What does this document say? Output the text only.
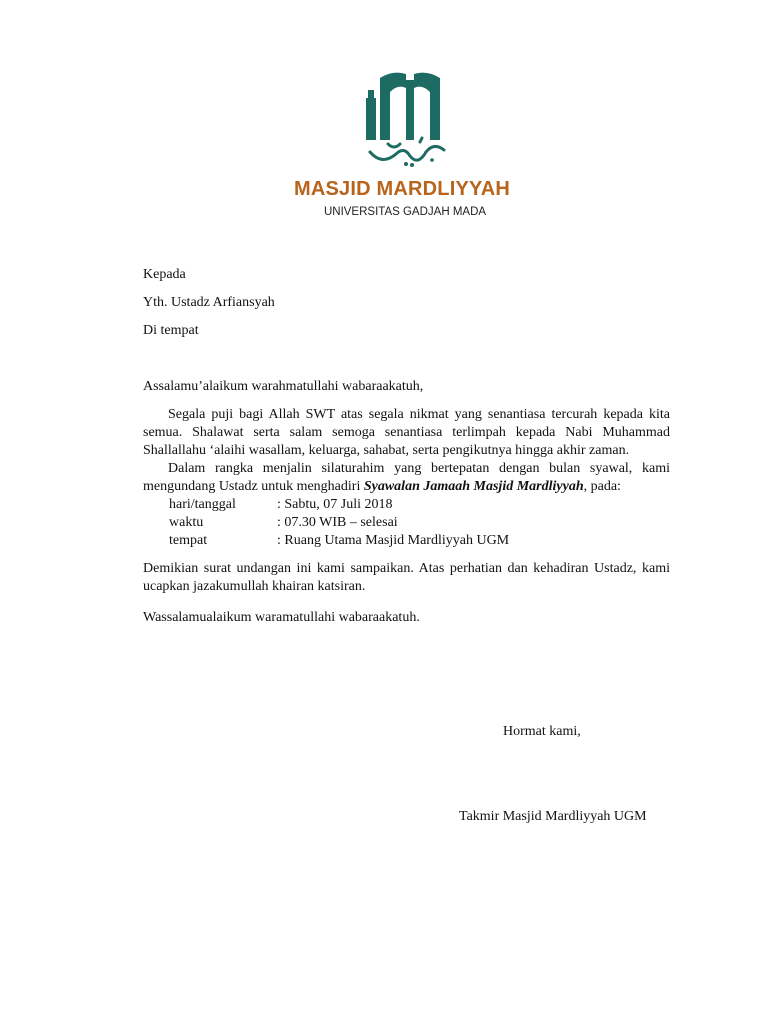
MASJID MARDLIYYAH
UNIVERSITAS GADJAH MADA
Kepada
Yth. Ustadz Arfiansyah
Di tempat
Assalamu’alaikum warahmatullahi wabaraakatuh,
Segala puji bagi Allah SWT atas segala nikmat yang senantiasa tercurah kepada kita semua. Shalawat serta salam semoga senantiasa terlimpah kepada Nabi Muhammad Shallallahu ‘alaihi wasallam, keluarga, sahabat, serta pengikutnya hingga akhir zaman.
Dalam rangka menjalin silaturahim yang bertepatan dengan bulan syawal, kami mengundang Ustadz untuk menghadiri Syawalan Jamaah Masjid Mardliyyah, pada:
hari/tanggal	: Sabtu, 07 Juli 2018
waktu	: 07.30 WIB – selesai
tempat	: Ruang Utama Masjid Mardliyyah UGM
Demikian surat undangan ini kami sampaikan. Atas perhatian dan kehadiran Ustadz, kami ucapkan jazakumullah khairan katsiran.
Wassalamualaikum waramatullahi wabaraakatuh.
Hormat kami,
Takmir Masjid Mardliyyah UGM
